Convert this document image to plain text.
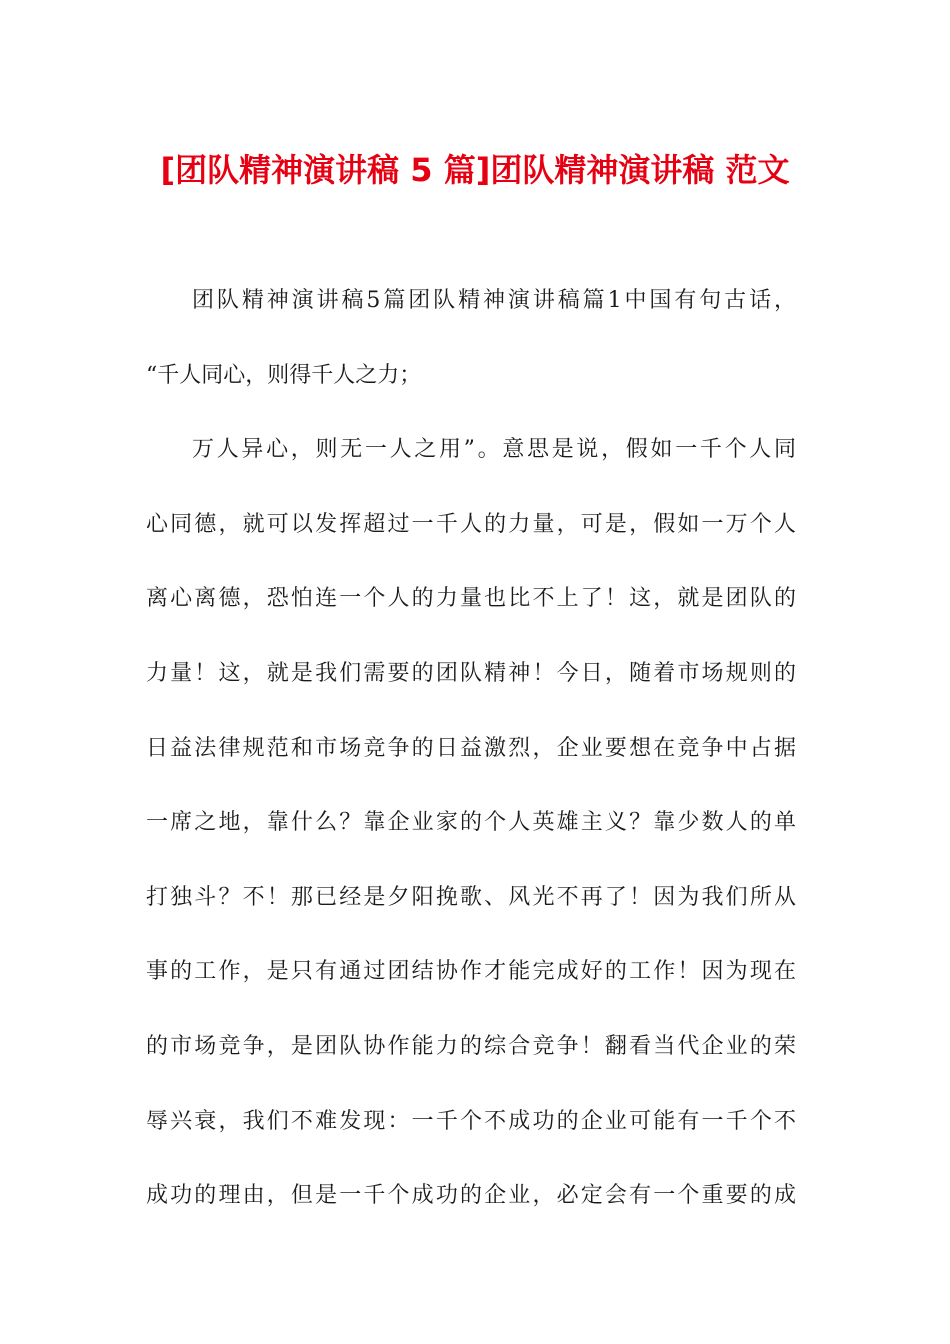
[团队精神演讲稿 5 篇]团队精神演讲稿 范文
团队精神演讲稿5篇团队精神演讲稿篇1中国有句古话，
“千人同心，则得千人之力；
万人异心，则无一人之用”。意思是说，假如一千个人同
心同德，就可以发挥超过一千人的力量，可是，假如一万个人
离心离德，恐怕连一个人的力量也比不上了！这，就是团队的
力量！这，就是我们需要的团队精神！今日，随着市场规则的
日益法律规范和市场竞争的日益激烈，企业要想在竞争中占据
一席之地，靠什么？靠企业家的个人英雄主义？靠少数人的单
打独斗？不！那已经是夕阳挽歌、风光不再了！因为我们所从
事的工作，是只有通过团结协作才能完成好的工作！因为现在
的市场竞争，是团队协作能力的综合竞争！翻看当代企业的荣
辱兴衰，我们不难发现：一千个不成功的企业可能有一千个不
成功的理由，但是一千个成功的企业，必定会有一个重要的成
